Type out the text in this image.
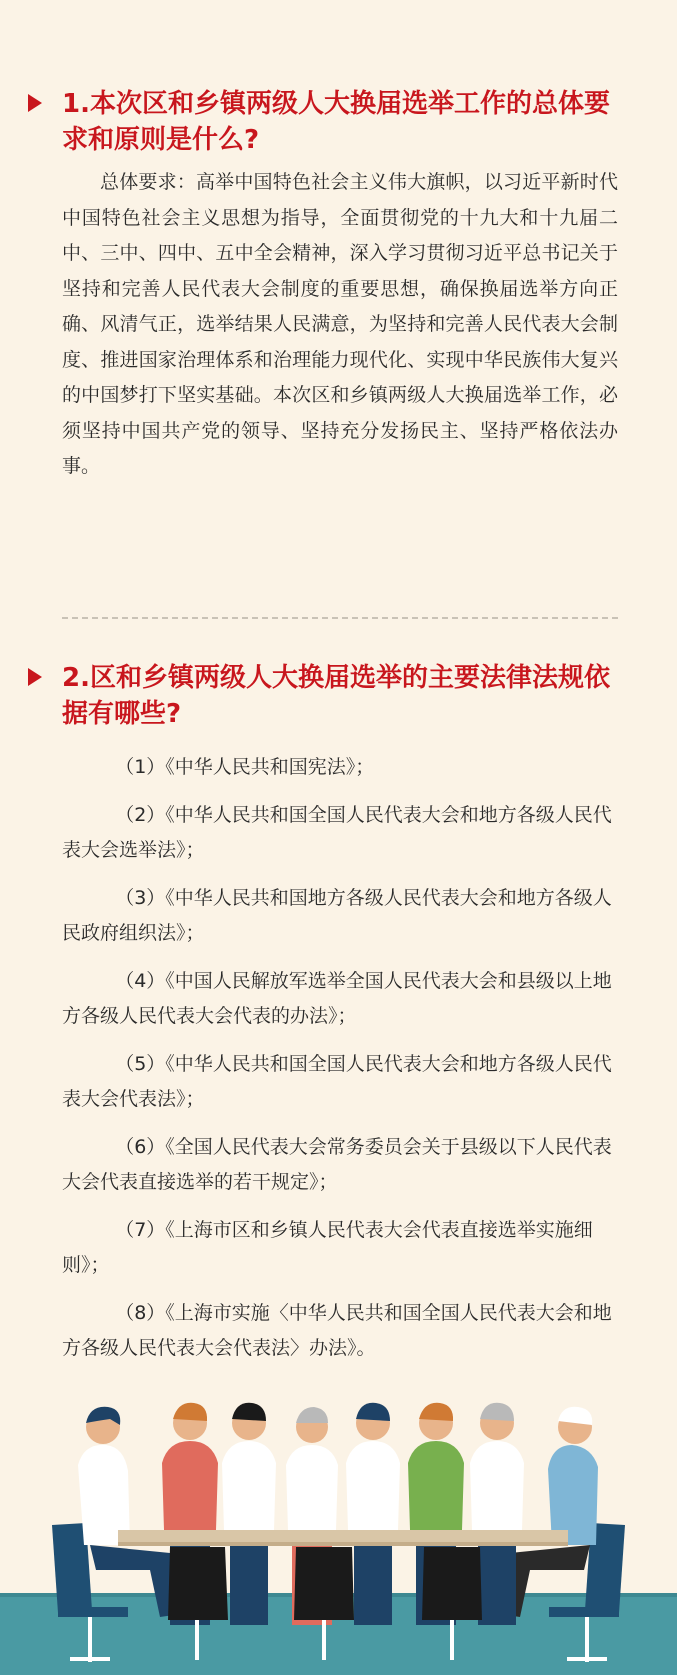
1.本次区和乡镇两级人大换届选举工作的总体要求和原则是什么?

总体要求：高举中国特色社会主义伟大旗帜，以习近平新时代中国特色社会主义思想为指导，全面贯彻党的十九大和十九届二中、三中、四中、五中全会精神，深入学习贯彻习近平总书记关于坚持和完善人民代表大会制度的重要思想，确保换届选举方向正确、风清气正，选举结果人民满意，为坚持和完善人民代表大会制度、推进国家治理体系和治理能力现代化、实现中华民族伟大复兴的中国梦打下坚实基础。本次区和乡镇两级人大换届选举工作，必须坚持中国共产党的领导、坚持充分发扬民主、坚持严格依法办事。

2.区和乡镇两级人大换届选举的主要法律法规依据有哪些?
（1）《中华人民共和国宪法》；
（2）《中华人民共和国全国人民代表大会和地方各级人民代表大会选举法》；
（3）《中华人民共和国地方各级人民代表大会和地方各级人民政府组织法》；
（4）《中国人民解放军选举全国人民代表大会和县级以上地方各级人民代表大会代表的办法》；
（5）《中华人民共和国全国人民代表大会和地方各级人民代表大会代表法》；
（6）《全国人民代表大会常务委员会关于县级以下人民代表大会代表直接选举的若干规定》；
（7）《上海市区和乡镇人民代表大会代表直接选举实施细则》；
（8）《上海市实施〈中华人民共和国全国人民代表大会和地方各级人民代表大会代表法〉办法》。
